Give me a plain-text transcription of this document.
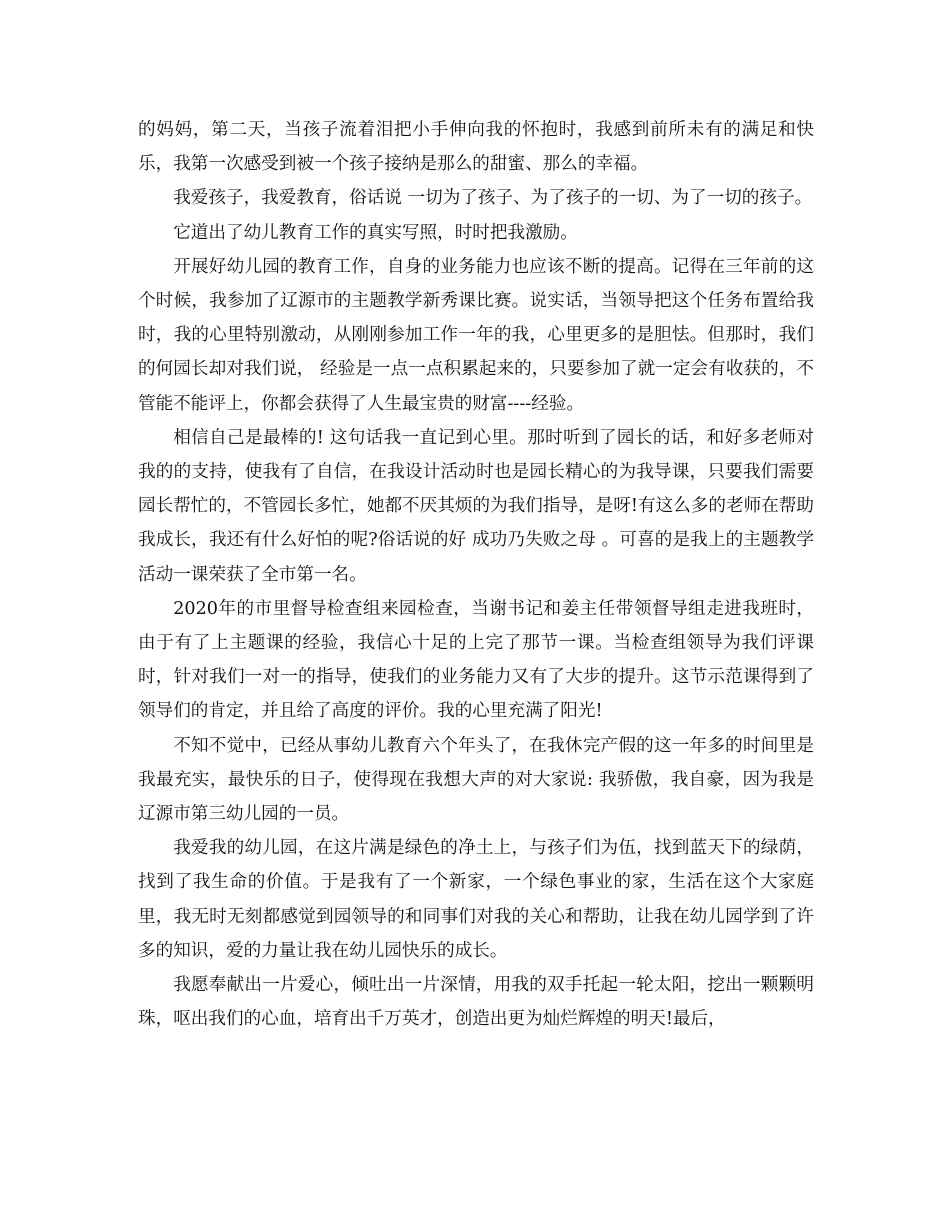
的妈妈，第二天，当孩子流着泪把小手伸向我的怀抱时，我感到前所未有的满足和快乐，我第一次感受到被一个孩子接纳是那么的甜蜜、那么的幸福。

我爱孩子，我爱教育，俗话说 一切为了孩子、为了孩子的一切、为了一切的孩子。

它道出了幼儿教育工作的真实写照，时时把我激励。

开展好幼儿园的教育工作，自身的业务能力也应该不断的提高。记得在三年前的这个时候，我参加了辽源市的主题教学新秀课比赛。说实话，当领导把这个任务布置给我时，我的心里特别激动，从刚刚参加工作一年的我，心里更多的是胆怯。但那时，我们的何园长却对我们说， 经验是一点一点积累起来的，只要参加了就一定会有收获的，不管能不能评上，你都会获得了人生最宝贵的财富----经验。

相信自己是最棒的! 这句话我一直记到心里。那时听到了园长的话，和好多老师对我的的支持，使我有了自信，在我设计活动时也是园长精心的为我导课，只要我们需要园长帮忙的，不管园长多忙，她都不厌其烦的为我们指导，是呀!有这么多的老师在帮助我成长，我还有什么好怕的呢?俗话说的好 成功乃失败之母 。可喜的是我上的主题教学活动一课荣获了全市第一名。

2020年的市里督导检查组来园检查，当谢书记和姜主任带领督导组走进我班时，由于有了上主题课的经验，我信心十足的上完了那节一课。当检查组领导为我们评课时，针对我们一对一的指导，使我们的业务能力又有了大步的提升。这节示范课得到了领导们的肯定，并且给了高度的评价。我的心里充满了阳光!

不知不觉中，已经从事幼儿教育六个年头了，在我休完产假的这一年多的时间里是我最充实，最快乐的日子，使得现在我想大声的对大家说: 我骄傲，我自豪，因为我是辽源市第三幼儿园的一员。

我爱我的幼儿园，在这片满是绿色的净土上，与孩子们为伍，找到蓝天下的绿荫，找到了我生命的价值。于是我有了一个新家，一个绿色事业的家，生活在这个大家庭里，我无时无刻都感觉到园领导的和同事们对我的关心和帮助，让我在幼儿园学到了许多的知识，爱的力量让我在幼儿园快乐的成长。

我愿奉献出一片爱心，倾吐出一片深情，用我的双手托起一轮太阳，挖出一颗颗明珠，呕出我们的心血，培育出千万英才，创造出更为灿烂辉煌的明天!最后，
